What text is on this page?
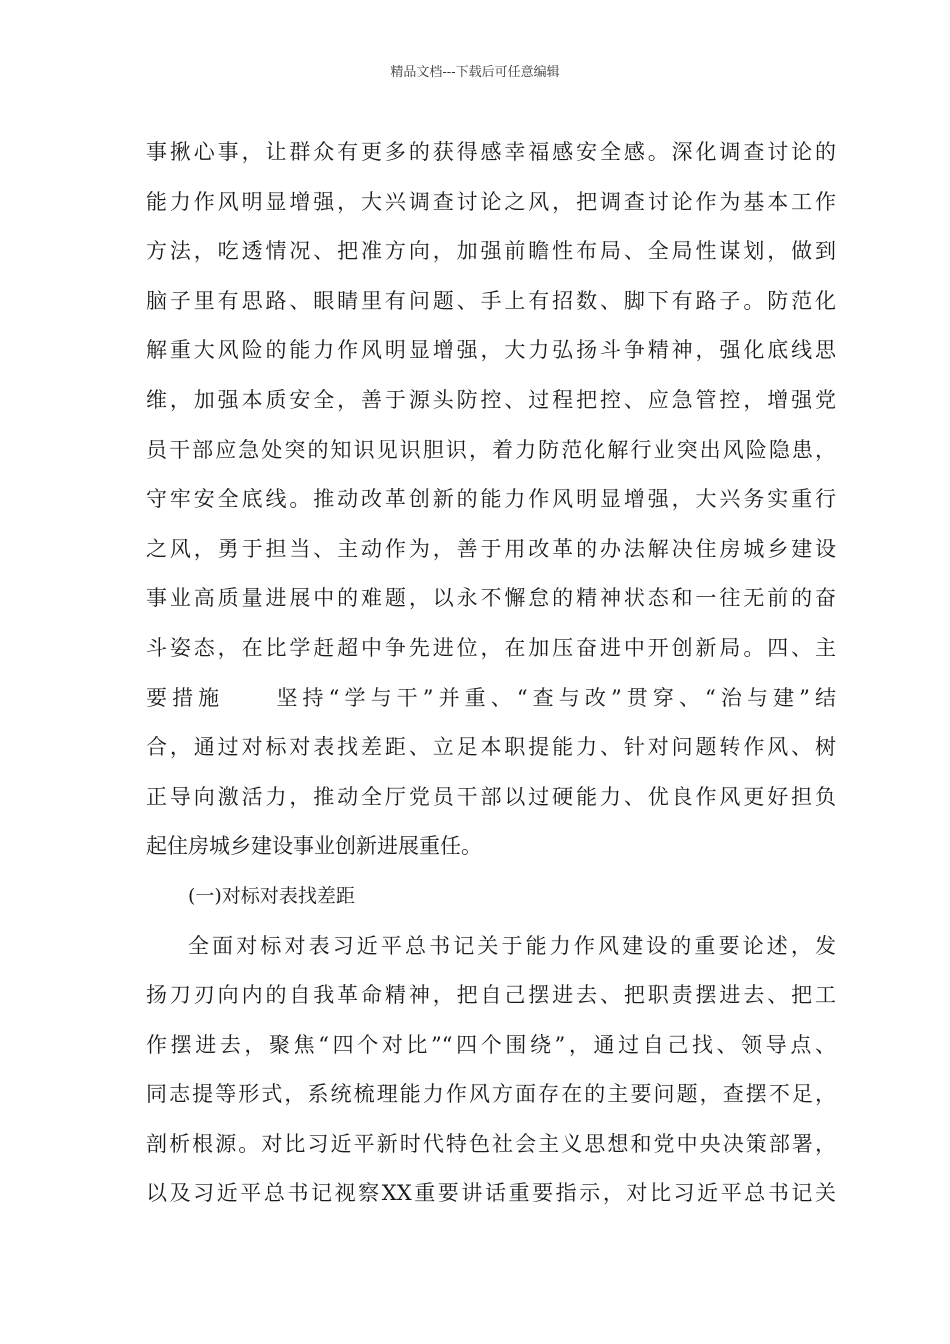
精品文档---下载后可任意编辑
事揪心事，让群众有更多的获得感幸福感安全感。深化调查讨论的
能力作风明显增强，大兴调查讨论之风，把调查讨论作为基本工作
方法，吃透情况、把准方向，加强前瞻性布局、全局性谋划，做到
脑子里有思路、眼睛里有问题、手上有招数、脚下有路子。防范化
解重大风险的能力作风明显增强，大力弘扬斗争精神，强化底线思
维，加强本质安全，善于源头防控、过程把控、应急管控，增强党
员干部应急处突的知识见识胆识，着力防范化解行业突出风险隐患，
守牢安全底线。推动改革创新的能力作风明显增强，大兴务实重行
之风，勇于担当、主动作为，善于用改革的办法解决住房城乡建设
事业高质量进展中的难题，以永不懈怠的精神状态和一往无前的奋
斗姿态，在比学赶超中争先进位，在加压奋进中开创新局。四、主
要措施　　坚持“学与干”并重、“查与改”贯穿、“治与建”结
合，通过对标对表找差距、立足本职提能力、针对问题转作风、树
正导向激活力，推动全厅党员干部以过硬能力、优良作风更好担负
起住房城乡建设事业创新进展重任。
(一)对标对表找差距
全面对标对表习近平总书记关于能力作风建设的重要论述，发
扬刀刃向内的自我革命精神，把自己摆进去、把职责摆进去、把工
作摆进去，聚焦“四个对比”“四个围绕”，通过自己找、领导点、
同志提等形式，系统梳理能力作风方面存在的主要问题，查摆不足，
剖析根源。对比习近平新时代特色社会主义思想和党中央决策部署，
以及习近平总书记视察XX重要讲话重要指示，对比习近平总书记关
